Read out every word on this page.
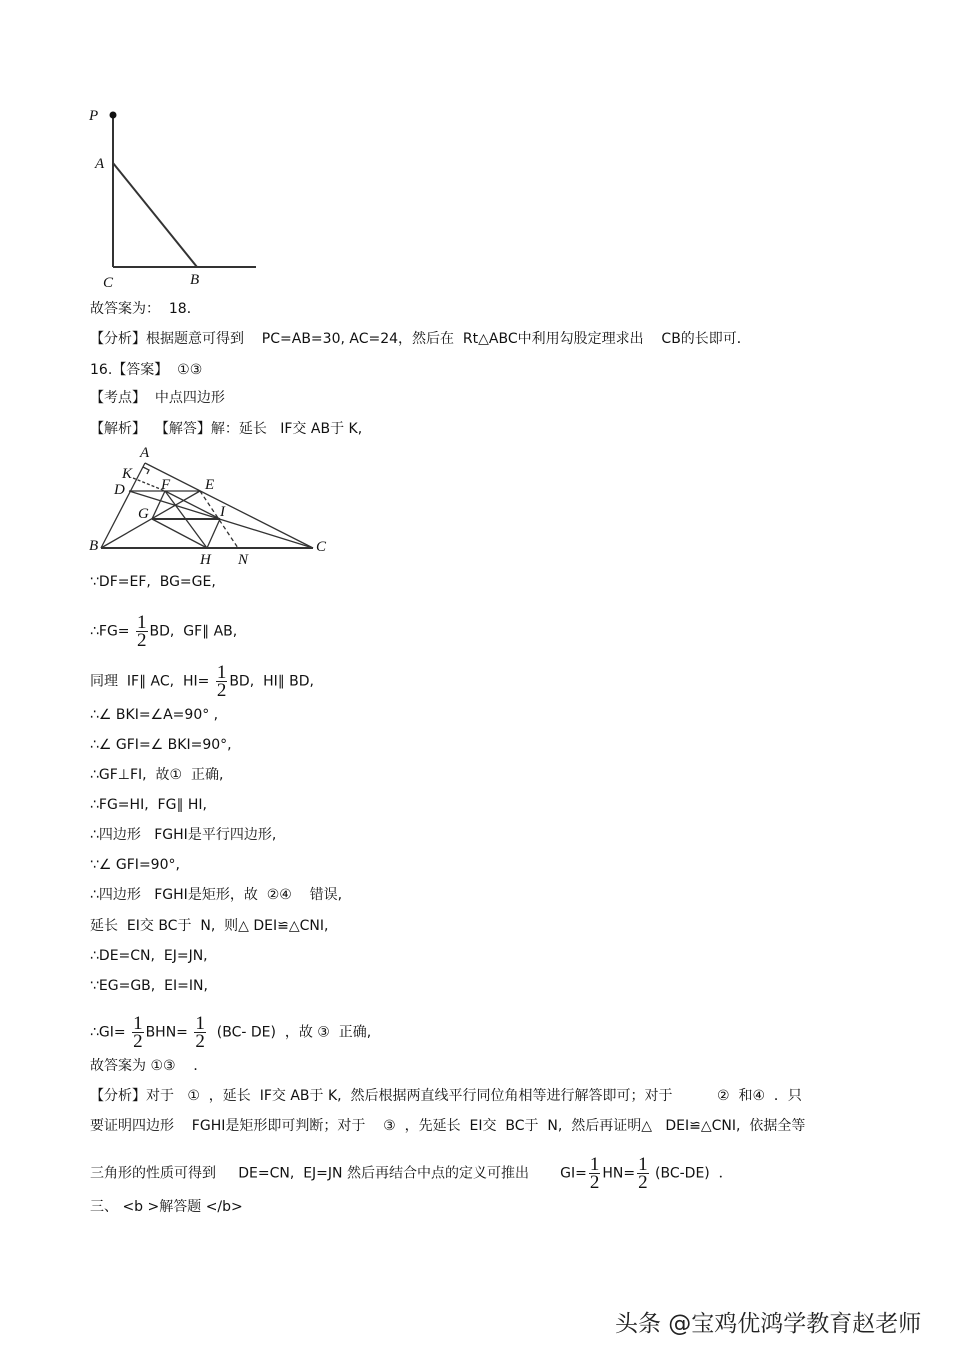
P
A
C	B
A
K
D F E
G	I
B
H N
C
故答案为：  18．
【分析】根据题意可得到    PC=AB=30, AC=24，然后在  Rt△ABC中利用勾股定理求出    CB的长即可．
16.【答案】  ①③
【考点】  中点四边形
【解析】  【解答】解：延长   IF交 AB于 K,
∵DF=EF,  BG=GE,
∴FG= $\frac{1}{2}$ BD,  GF∥ AB,
同理  IF∥ AC,  $HI= \frac{1}{2}$ BD,  HI∥ BD,
∴∠ BKI=∠A=90° ,
∴∠ GFI=∠ BKI=90°,
∴GF⊥FI,  故①  正确,
∴FG=HI,  FG∥ HI,
∴四边形   FGHI是平行四边形,
∵∠ GFI=90°,
∴四边形   FGHI是矩形，故  ②④    错误,
延长  EI交 BC于  N,  则△ DEI≌△CNI,
∴DE=CN,  EJ=JN,
∵EG=GB,  EI=IN,
∴GI= $\frac{1}{2} BHN= \frac{1}{2} (BC-$ DE)  ，故 ③  正确,
故答案为 ①③    ．
【分析】对于   ①  ，延长  IF交 AB于 K,  然后根据两直线平行同位角相等进行解答即可；对于          ②  和④  ．只
要证明四边形    FGHI是矩形即可判断；对于    ③  ，先延长  EI交  BC于  N,  然后再证明△   DEI≌△CNI,  依据全等
三角形的性质可得到     DE=CN,  EJ=JN 然后再结合中点的定义可推出       $GI= \frac{1}{2} HN= \frac{1}{2} (BC-DE)$  ．
三、 <b >解答题 </b>
头条 @宝鸡优鸿学教育赵老师
